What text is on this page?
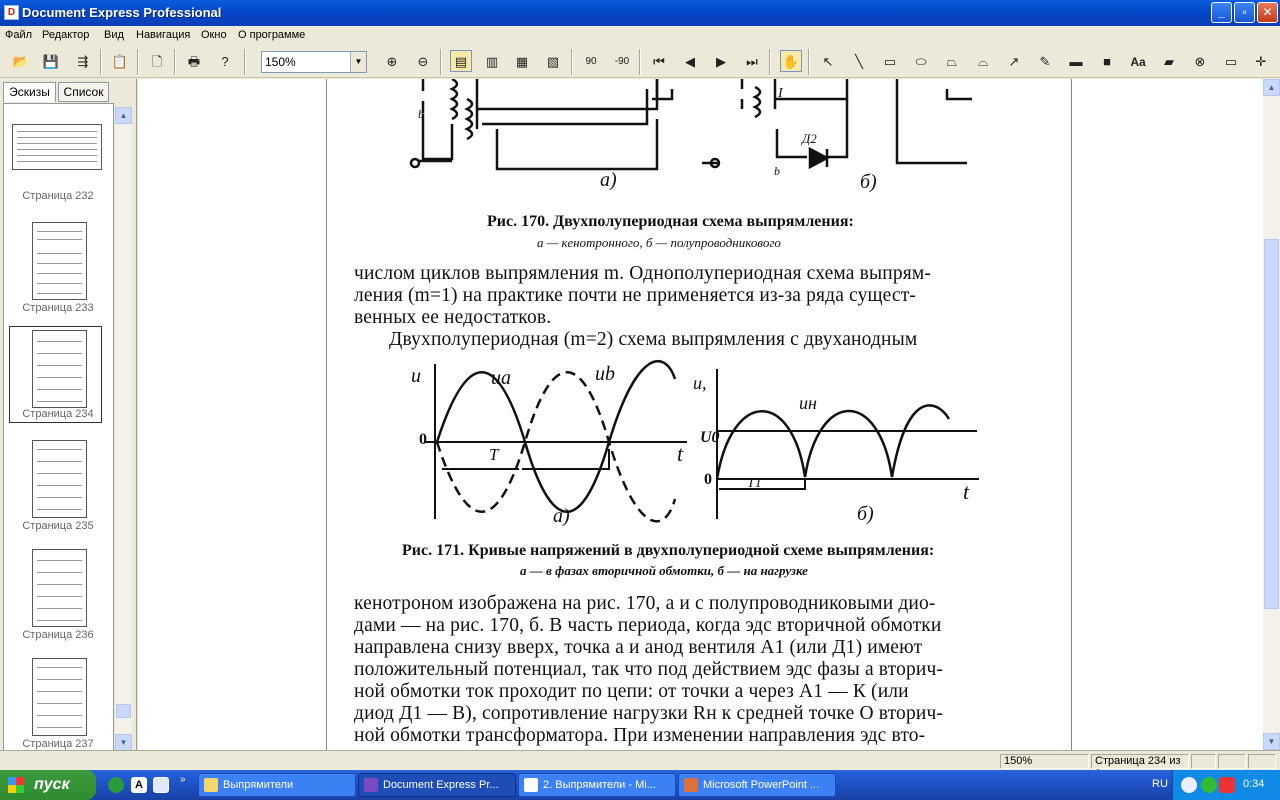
D Document Express Professional	_	▫	✕
Файл Редактор Вид Навигация Окно О программе
📂 💾	⇶	📋	🗋	🖶	?	⊕	⊖	▤	▥	▦	▧	90	-90	⏮	◀	▶	⏭	✋	↖	╲	▭	⬭	⏢	⌓	↗	✎	▬	■	Aa	▰	⊗	▭	✛
150%	▼
Эскизы	Список
Страница 232
Страница 233
Страница 234
Страница 235
Страница 236
Страница 237
▲
▼
b
I
Д2
b
а)	б)
Рис. 170. Двухполупериодная схема выпрямления:
а — кенотронного, б — полупроводникового
числом циклов выпрямления m. Однополупериодная схема выпрям-
ления (m=1) на практике почти не применяется из-за ряда сущест-
венных ее недостатков.
Двухполупериодная (m=2) схема выпрямления с двуханодным
u	uа	ub
0
T	t
u,
uн
U0
0	T1	t
а)	б)
Рис. 171. Кривые напряжений в двухполупериодной схеме выпрямления:
а — в фазах вторичной обмотки, б — на нагрузке
кенотроном изображена на рис. 170, а и с полупроводниковыми дио-
дами — на рис. 170, б. В часть периода, когда эдс вторичной обмотки
направлена снизу вверх, точка а и анод вентиля А1 (или Д1) имеют
положительный потенциал, так что под действием эдс фазы а вторич-
ной обмотки ток проходит по цепи: от точки а через А1 — К (или
диод Д1 — В), сопротивление нагрузки Rн к средней точке О вторич-
ной обмотки трансформатора. При изменении направления эдс вто-
▲
▼
150%	Страница 234 из
пуск	A	»	Выпрямители	Document Express Pr...	2. Выпрямители - Mi...	Microsoft PowerPoint ...	RU	0:34
